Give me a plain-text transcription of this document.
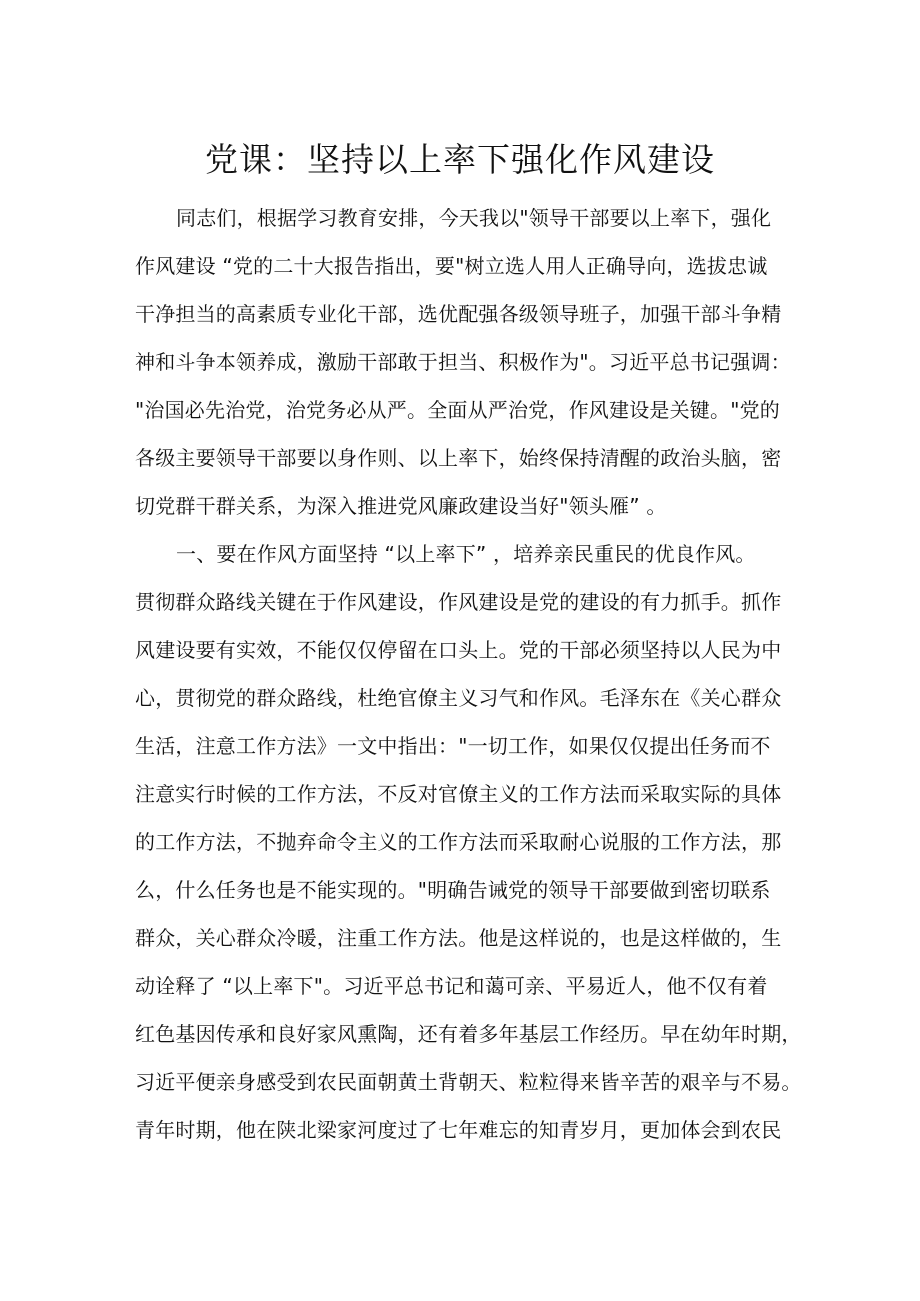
党课：坚持以上率下强化作风建设
同志们，根据学习教育安排，今天我以"领导干部要以上率下，强化
作风建设 “党的二十大报告指出，要"树立选人用人正确导向，选拔忠诚
干净担当的高素质专业化干部，选优配强各级领导班子，加强干部斗争精
神和斗争本领养成，激励干部敢于担当、积极作为"。习近平总书记强调：
"治国必先治党，治党务必从严。全面从严治党，作风建设是关键。"党的
各级主要领导干部要以身作则、以上率下，始终保持清醒的政治头脑，密
切党群干群关系，为深入推进党风廉政建设当好"领头雁” 。
一、要在作风方面坚持 “以上率下” ，培养亲民重民的优良作风。
贯彻群众路线关键在于作风建设，作风建设是党的建设的有力抓手。抓作
风建设要有实效，不能仅仅停留在口头上。党的干部必须坚持以人民为中
心，贯彻党的群众路线，杜绝官僚主义习气和作风。毛泽东在《关心群众
生活，注意工作方法》一文中指出："一切工作，如果仅仅提出任务而不
注意实行时候的工作方法，不反对官僚主义的工作方法而采取实际的具体
的工作方法，不抛弃命令主义的工作方法而采取耐心说服的工作方法，那
么，什么任务也是不能实现的。"明确告诫党的领导干部要做到密切联系
群众，关心群众冷暖，注重工作方法。他是这样说的，也是这样做的，生
动诠释了 “以上率下"。习近平总书记和蔼可亲、平易近人，他不仅有着
红色基因传承和良好家风熏陶，还有着多年基层工作经历。早在幼年时期，
习近平便亲身感受到农民面朝黄土背朝天、粒粒得来皆辛苦的艰辛与不易。
青年时期，他在陕北梁家河度过了七年难忘的知青岁月，更加体会到农民
